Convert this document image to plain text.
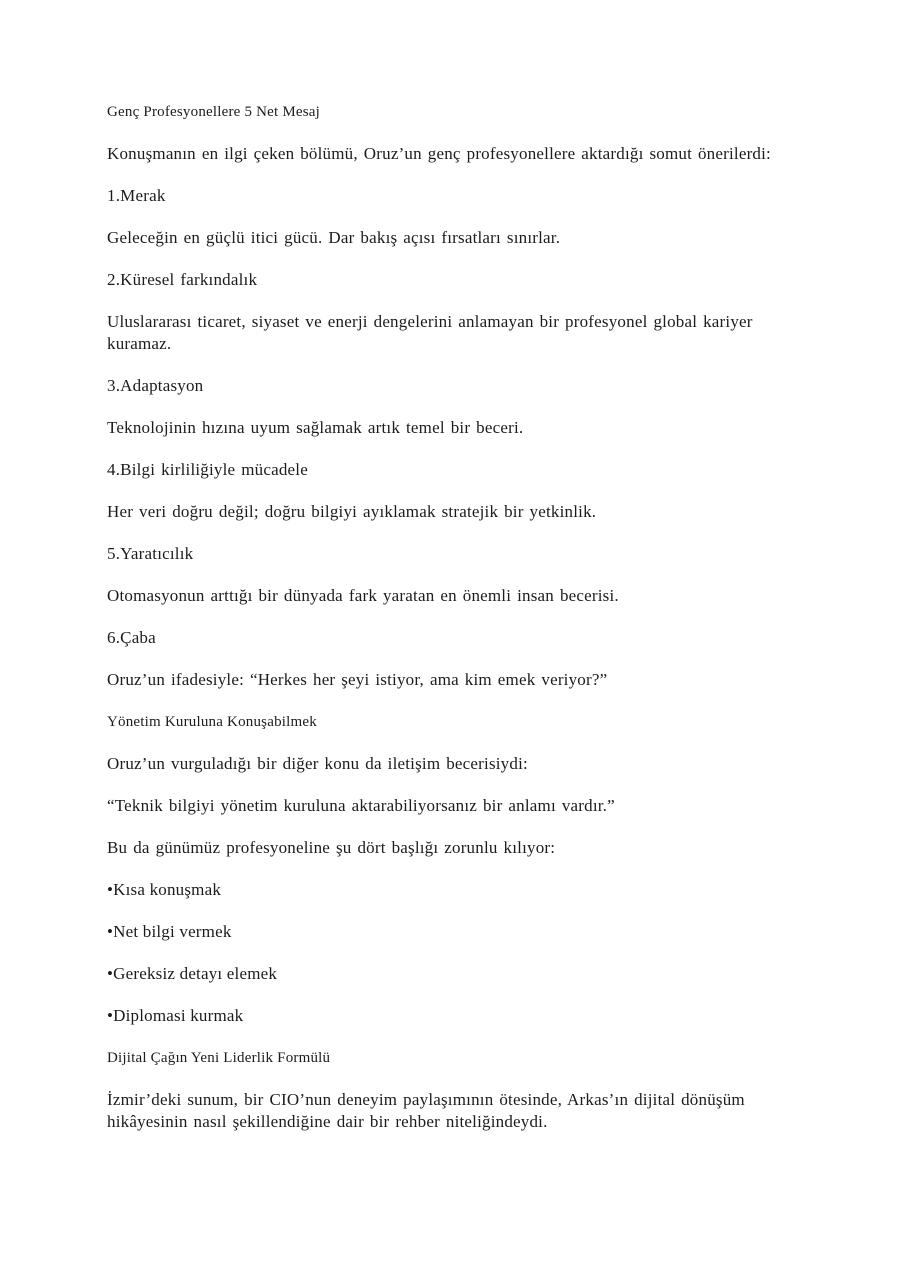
Genç Profesyonellere 5 Net Mesaj

Konuşmanın en ilgi çeken bölümü, Oruz’un genç profesyonellere aktardığı somut önerilerdi:

1.Merak

Geleceğin en güçlü itici gücü. Dar bakış açısı fırsatları sınırlar.

2.Küresel farkındalık

Uluslararası ticaret, siyaset ve enerji dengelerini anlamayan bir profesyonel global kariyer kuramaz.

3.Adaptasyon

Teknolojinin hızına uyum sağlamak artık temel bir beceri.

4.Bilgi kirliliğiyle mücadele

Her veri doğru değil; doğru bilgiyi ayıklamak stratejik bir yetkinlik.

5.Yaratıcılık

Otomasyonun arttığı bir dünyada fark yaratan en önemli insan becerisi.

6.Çaba

Oruz’un ifadesiyle: “Herkes her şeyi istiyor, ama kim emek veriyor?”

Yönetim Kuruluna Konuşabilmek

Oruz’un vurguladığı bir diğer konu da iletişim becerisiydi:

“Teknik bilgiyi yönetim kuruluna aktarabiliyorsanız bir anlamı vardır.”

Bu da günümüz profesyoneline şu dört başlığı zorunlu kılıyor:

•Kısa konuşmak

•Net bilgi vermek

•Gereksiz detayı elemek

•Diplomasi kurmak

Dijital Çağın Yeni Liderlik Formülü

İzmir’deki sunum, bir CIO’nun deneyim paylaşımının ötesinde, Arkas’ın dijital dönüşüm hikâyesinin nasıl şekillendiğine dair bir rehber niteliğindeydi.
